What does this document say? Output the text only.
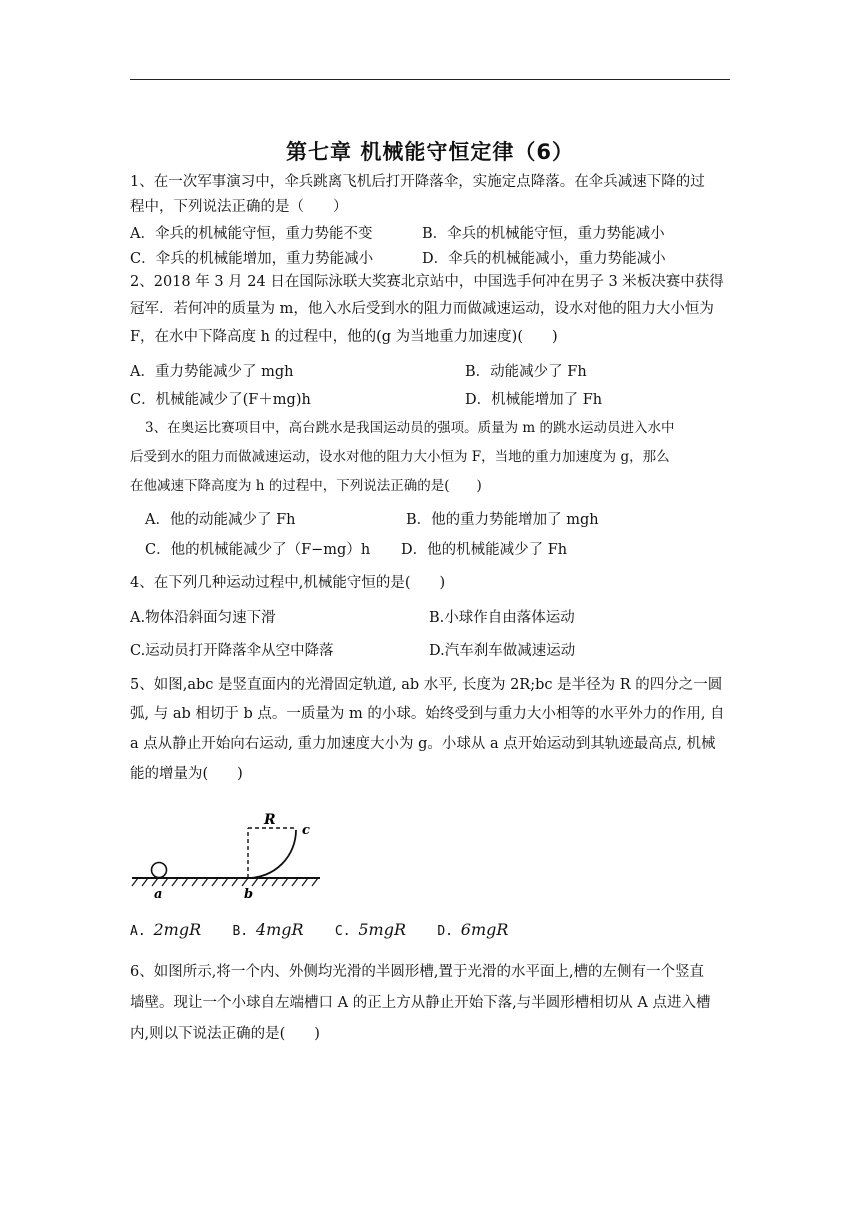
第七章 机械能守恒定律（6）
1、在一次军事演习中，伞兵跳离飞机后打开降落伞，实施定点降落。在伞兵减速下降的过
程中，下列说法正确的是（　　）
A．伞兵的机械能守恒，重力势能不变	B．伞兵的机械能守恒，重力势能减小
C．伞兵的机械能增加，重力势能减小	D．伞兵的机械能减小，重力势能减小
2、2018 年 3 月 24 日在国际泳联大奖赛北京站中，中国选手何冲在男子 3 米板决赛中获得
冠军．若何冲的质量为 m，他入水后受到水的阻力而做减速运动，设水对他的阻力大小恒为
F，在水中下降高度 h 的过程中，他的(g 为当地重力加速度)(　　)
A．重力势能减少了 mgh	B．动能减少了 Fh
C．机械能减少了(F＋mg)h	D．机械能增加了 Fh
3、在奥运比赛项目中，高台跳水是我国运动员的强项。质量为 m 的跳水运动员进入水中
后受到水的阻力而做减速运动，设水对他的阻力大小恒为 F，当地的重力加速度为 g，那么
在他减速下降高度为 h 的过程中，下列说法正确的是(　　)
A．他的动能减少了 Fh	B．他的重力势能增加了 mgh
C．他的机械能减少了（F−mg）h D．他的机械能减少了 Fh
4、在下列几种运动过程中,机械能守恒的是(　　)
A.物体沿斜面匀速下滑	B.小球作自由落体运动
C.运动员打开降落伞从空中降落	D.汽车刹车做减速运动
5、如图,abc 是竖直面内的光滑固定轨道, ab 水平, 长度为 2R;bc 是半径为 R 的四分之一圆
弧, 与 ab 相切于 b 点。一质量为 m 的小球。始终受到与重力大小相等的水平外力的作用, 自
a 点从静止开始向右运动, 重力加速度大小为 g。小球从 a 点开始运动到其轨迹最高点, 机械
能的增量为(　　)
R
c
a	b
A. 2mgR B. 4mgR C. 5mgR D. 6mgR
6、如图所示,将一个内、外侧均光滑的半圆形槽,置于光滑的水平面上,槽的左侧有一个竖直
墙壁。现让一个小球自左端槽口 A 的正上方从静止开始下落,与半圆形槽相切从 A 点进入槽
内,则以下说法正确的是(　　)
